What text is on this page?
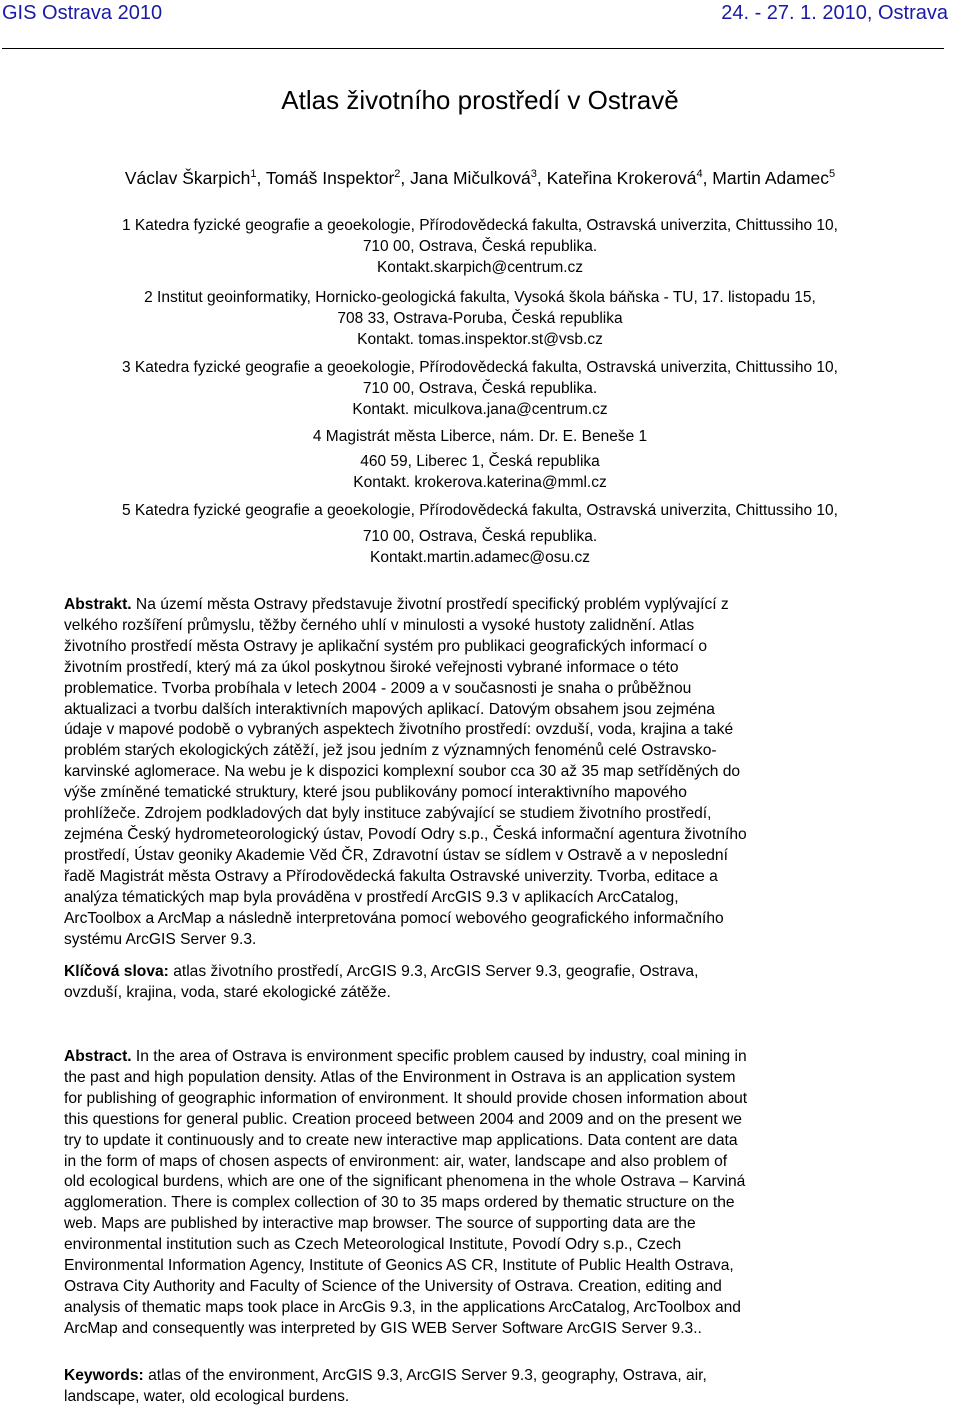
GIS Ostrava 2010	24. - 27. 1. 2010, Ostrava
Atlas životního prostředí v Ostravě
Václav Škarpich$^1$, Tomáš Inspektor$^2$, Jana Mičulková$^3$, Kateřina Krokerová$^4$, Martin Adamec$^5$
1 Katedra fyzické geografie a geoekologie, Přírodovědecká fakulta, Ostravská univerzita, Chittussiho 10,
710 00, Ostrava, Česká republika.
Kontakt.skarpich@centrum.cz
2 Institut geoinformatiky, Hornicko-geologická fakulta, Vysoká škola báňska - TU, 17. listopadu 15,
708 33, Ostrava-Poruba, Česká republika
Kontakt. tomas.inspektor.st@vsb.cz
3 Katedra fyzické geografie a geoekologie, Přírodovědecká fakulta, Ostravská univerzita, Chittussiho 10,
710 00, Ostrava, Česká republika.
Kontakt. miculkova.jana@centrum.cz
4 Magistrát města Liberce, nám. Dr. E. Beneše 1
460 59, Liberec 1, Česká republika
Kontakt. krokerova.katerina@mml.cz
5 Katedra fyzické geografie a geoekologie, Přírodovědecká fakulta, Ostravská univerzita, Chittussiho 10,
710 00, Ostrava, Česká republika.
Kontakt.martin.adamec@osu.cz
Abstrakt. Na území města Ostravy představuje životní prostředí specifický problém vyplývající z
velkého rozšíření průmyslu, těžby černého uhlí v minulosti a vysoké hustoty zalidnění. Atlas
životního prostředí města Ostravy je aplikační systém pro publikaci geografických informací o
životním prostředí, který má za úkol poskytnou široké veřejnosti vybrané informace o této
problematice. Tvorba probíhala v letech 2004 - 2009 a v současnosti je snaha o průběžnou
aktualizaci a tvorbu dalších interaktivních mapových aplikací. Datovým obsahem jsou zejména
údaje v mapové podobě o vybraných aspektech životního prostředí: ovzduší, voda, krajina a také
problém starých ekologických zátěží, jež jsou jedním z významných fenoménů celé Ostravsko-
karvinské aglomerace. Na webu je k dispozici komplexní soubor cca 30 až 35 map setříděných do
výše zmíněné tematické struktury, které jsou publikovány pomocí interaktivního mapového
prohlížeče. Zdrojem podkladových dat byly instituce zabývající se studiem životního prostředí,
zejména Český hydrometeorologický ústav, Povodí Odry s.p., Česká informační agentura životního
prostředí, Ústav geoniky Akademie Věd ČR, Zdravotní ústav se sídlem v Ostravě a v neposlední
řadě Magistrát města Ostravy a Přírodovědecká fakulta Ostravské univerzity. Tvorba, editace a
analýza tématických map byla prováděna v prostředí ArcGIS 9.3 v aplikacích ArcCatalog,
ArcToolbox a ArcMap a následně interpretována pomocí webového geografického informačního
systému ArcGIS Server 9.3.
Klíčová slova: atlas životního prostředí, ArcGIS 9.3, ArcGIS Server 9.3, geografie, Ostrava,
ovzduší, krajina, voda, staré ekologické zátěže.
Abstract. In the area of Ostrava is environment specific problem caused by industry, coal mining in
the past and high population density. Atlas of the Environment in Ostrava is an application system
for publishing of geographic information of environment. It should provide chosen information about
this questions for general public. Creation proceed between 2004 and 2009 and on the present we
try to update it continuously and to create new interactive map applications. Data content are data
in the form of maps of chosen aspects of environment: air, water, landscape and also problem of
old ecological burdens, which are one of the significant phenomena in the whole Ostrava – Karviná
agglomeration. There is complex collection of 30 to 35 maps ordered by thematic structure on the
web. Maps are published by interactive map browser. The source of supporting data are the
environmental institution such as Czech Meteorological Institute, Povodí Odry s.p., Czech
Environmental Information Agency, Institute of Geonics AS CR, Institute of Public Health Ostrava,
Ostrava City Authority and Faculty of Science of the University of Ostrava. Creation, editing and
analysis of thematic maps took place in ArcGis 9.3, in the applications ArcCatalog, ArcToolbox and
ArcMap and consequently was interpreted by GIS WEB Server Software ArcGIS Server 9.3..
Keywords: atlas of the environment, ArcGIS 9.3, ArcGIS Server 9.3, geography, Ostrava, air,
landscape, water, old ecological burdens.
